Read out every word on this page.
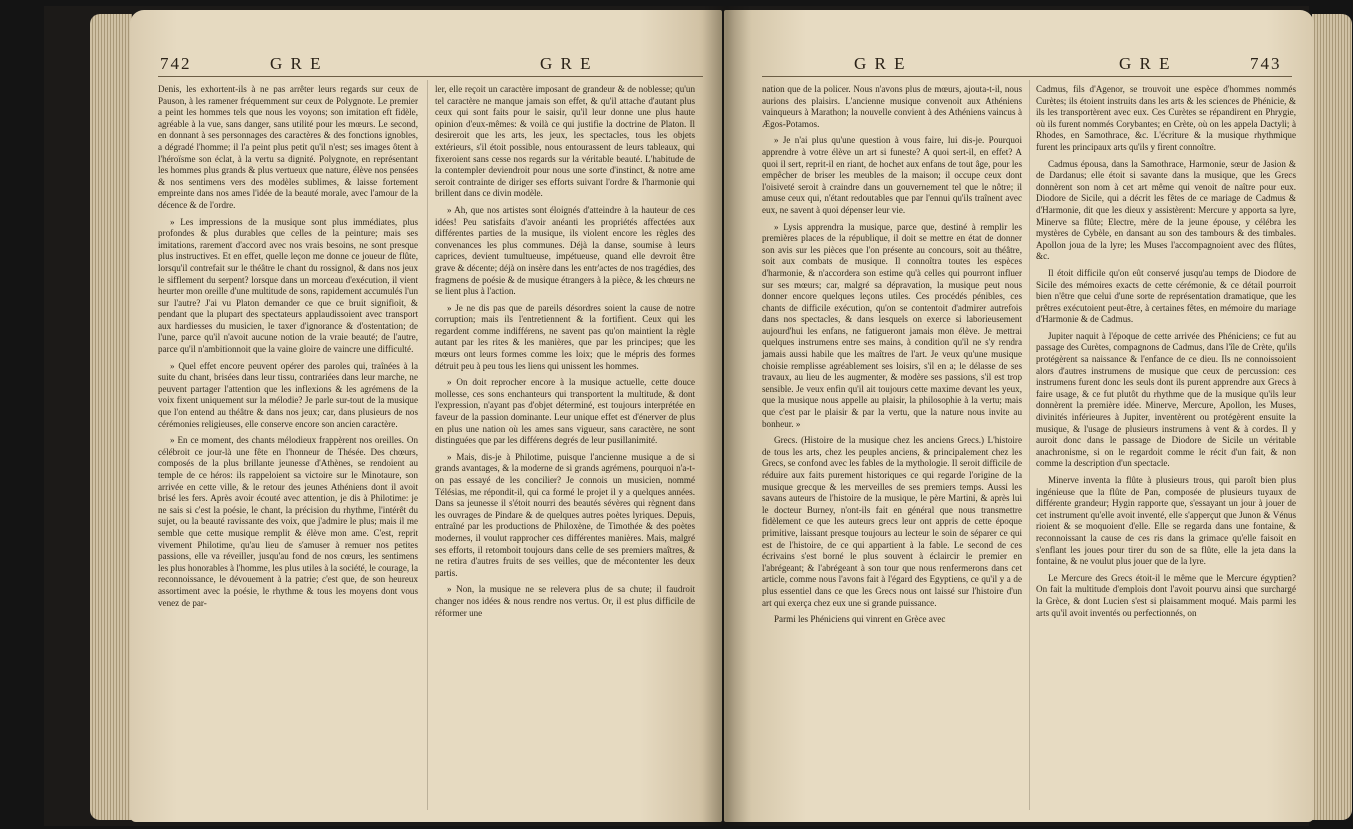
742	G R E	G R E

Denis, les exhortent-ils à ne pas arrêter leurs regards sur ceux de Pauson, à les ramener fréquemment sur ceux de Polygnote. Le premier a peint les hommes tels que nous les voyons; son imitation eft fidèle, agréable à la vue, sans danger, sans utilité pour les mœurs. Le second, en donnant à ses personnages des caractères & des fonctions ignobles, a dégradé l'homme; il l'a peint plus petit qu'il n'est; ses images ôtent à l'héroïsme son éclat, à la vertu sa dignité. Polygnote, en représentant les hommes plus grands & plus vertueux que nature, élève nos pensées & nos sentimens vers des modèles sublimes, & laisse fortement empreinte dans nos ames l'idée de la beauté morale, avec l'amour de la décence & de l'ordre.

» Les impressions de la musique sont plus immédiates, plus profondes & plus durables que celles de la peinture; mais ses imitations, rarement d'accord avec nos vrais besoins, ne sont presque plus instructives. Et en effet, quelle leçon me donne ce joueur de flûte, lorsqu'il contrefait sur le théâtre le chant du rossignol, & dans nos jeux le sifflement du serpent? lorsque dans un morceau d'exécution, il vient heurter mon oreille d'une multitude de sons, rapidement accumulés l'un sur l'autre? J'ai vu Platon demander ce que ce bruit signifioit, & pendant que la plupart des spectateurs applaudissoient avec transport aux hardiesses du musicien, le taxer d'ignorance & d'ostentation; de l'une, parce qu'il n'avoit aucune notion de la vraie beauté; de l'autre, parce qu'il n'ambitionnoit que la vaine gloire de vaincre une difficulté.

» Quel effet encore peuvent opérer des paroles qui, traînées à la suite du chant, brisées dans leur tissu, contrariées dans leur marche, ne peuvent partager l'attention que les inflexions & les agrémens de la voix fixent uniquement sur la mélodie? Je parle sur-tout de la musique que l'on entend au théâtre & dans nos jeux; car, dans plusieurs de nos cérémonies religieuses, elle conserve encore son ancien caractère.

» En ce moment, des chants mélodieux frappèrent nos oreilles. On célébroit ce jour-là une fête en l'honneur de Thésée. Des chœurs, composés de la plus brillante jeunesse d'Athènes, se rendoient au temple de ce héros: ils rappeloient sa victoire sur le Minotaure, son arrivée en cette ville, & le retour des jeunes Athéniens dont il avoit brisé les fers. Après avoir écouté avec attention, je dis à Philotime: je ne sais si c'est la poésie, le chant, la précision du rhythme, l'intérêt du sujet, ou la beauté ravissante des voix, que j'admire le plus; mais il me semble que cette musique remplit & élève mon ame. C'est, reprit vivement Philotime, qu'au lieu de s'amuser à remuer nos petites passions, elle va réveiller, jusqu'au fond de nos cœurs, les sentimens les plus honorables à l'homme, les plus utiles à la société, le courage, la reconnoissance, le dévouement à la patrie; c'est que, de son heureux assortiment avec la poésie, le rhythme & tous les moyens dont vous venez de par-

ler, elle reçoit un caractère imposant de grandeur & de noblesse; qu'un tel caractère ne manque jamais son effet, & qu'il attache d'autant plus ceux qui sont faits pour le saisir, qu'il leur donne une plus haute opinion d'eux-mêmes: & voilà ce qui justifie la doctrine de Platon. Il desireroit que les arts, les jeux, les spectacles, tous les objets extérieurs, s'il étoit possible, nous entourassent de leurs tableaux, qui fixeroient sans cesse nos regards sur la véritable beauté. L'habitude de la contempler deviendroit pour nous une sorte d'instinct, & notre ame seroit contrainte de diriger ses efforts suivant l'ordre & l'harmonie qui brillent dans ce divin modèle.

» Ah, que nos artistes sont éloignés d'atteindre à la hauteur de ces idées! Peu satisfaits d'avoir anéanti les propriétés affectées aux différentes parties de la musique, ils violent encore les règles des convenances les plus communes. Déjà la danse, soumise à leurs caprices, devient tumultueuse, impétueuse, quand elle devroit être grave & décente; déjà on insère dans les entr'actes de nos tragédies, des fragmens de poésie & de musique étrangers à la pièce, & les chœurs ne se lient plus à l'action.

» Je ne dis pas que de pareils désordres soient la cause de notre corruption; mais ils l'entretiennent & la fortifient. Ceux qui les regardent comme indifférens, ne savent pas qu'on maintient la règle autant par les rites & les manières, que par les principes; que les mœurs ont leurs formes comme les loix; que le mépris des formes détruit peu à peu tous les liens qui unissent les hommes.

» On doit reprocher encore à la musique actuelle, cette douce mollesse, ces sons enchanteurs qui transportent la multitude, & dont l'expression, n'ayant pas d'objet déterminé, est toujours interprétée en faveur de la passion dominante. Leur unique effet est d'énerver de plus en plus une nation où les ames sans vigueur, sans caractère, ne sont distinguées que par les différens degrés de leur pusillanimité.

» Mais, dis-je à Philotime, puisque l'ancienne musique a de si grands avantages, & la moderne de si grands agrémens, pourquoi n'a-t-on pas essayé de les concilier? Je connois un musicien, nommé Télésias, me répondit-il, qui ca formé le projet il y a quelques années. Dans sa jeunesse il s'étoit nourri des beautés sévères qui règnent dans les ouvrages de Pindare & de quelques autres poètes lyriques. Depuis, entraîné par les productions de Philoxène, de Timothée & des poètes modernes, il voulut rapprocher ces différentes manières. Mais, malgré ses efforts, il retomboit toujours dans celle de ses premiers maîtres, & ne retira d'autres fruits de ses veilles, que de mécontenter les deux partis.

» Non, la musique ne se relevera plus de sa chute; il faudroit changer nos idées & nous rendre nos vertus. Or, il est plus difficile de réformer une

G R E	G R E	743

nation que de la policer. Nous n'avons plus de mœurs, ajouta-t-il, nous aurions des plaisirs. L'ancienne musique convenoit aux Athéniens vainqueurs à Marathon; la nouvelle convient à des Athéniens vaincus à Ægos-Potamos.

» Je n'ai plus qu'une question à vous faire, lui dis-je. Pourquoi apprendre à votre élève un art si funeste? A quoi sert-il, en effet? A quoi il sert, reprit-il en riant, de hochet aux enfans de tout âge, pour les empêcher de briser les meubles de la maison; il occupe ceux dont l'oisiveté seroit à craindre dans un gouvernement tel que le nôtre; il amuse ceux qui, n'étant redoutables que par l'ennui qu'ils traînent avec eux, ne savent à quoi dépenser leur vie.

» Lysis apprendra la musique, parce que, destiné à remplir les premières places de la république, il doit se mettre en état de donner son avis sur les pièces que l'on présente au concours, soit au théâtre, soit aux combats de musique. Il connoîtra toutes les espèces d'harmonie, & n'accordera son estime qu'à celles qui pourront influer sur ses mœurs; car, malgré sa dépravation, la musique peut nous donner encore quelques leçons utiles. Ces procédés pénibles, ces chants de difficile exécution, qu'on se contentoit d'admirer autrefois dans nos spectacles, & dans lesquels on exerce si laborieusement aujourd'hui les enfans, ne fatigueront jamais mon élève. Je mettrai quelques instrumens entre ses mains, à condition qu'il ne s'y rendra jamais aussi habile que les maîtres de l'art. Je veux qu'une musique choisie remplisse agréablement ses loisirs, s'il en a; le délasse de ses travaux, au lieu de les augmenter, & modère ses passions, s'il est trop sensible. Je veux enfin qu'il ait toujours cette maxime devant les yeux, que la musique nous appelle au plaisir, la philosophie à la vertu; mais que c'est par le plaisir & par la vertu, que la nature nous invite au bonheur. »

Grecs. (Histoire de la musique chez les anciens Grecs.) L'histoire de tous les arts, chez les peuples anciens, & principalement chez les Grecs, se confond avec les fables de la mythologie. Il seroit difficile de réduire aux faits purement historiques ce qui regarde l'origine de la musique grecque & les merveilles de ses premiers temps. Aussi les savans auteurs de l'histoire de la musique, le père Martini, & après lui le docteur Burney, n'ont-ils fait en général que nous transmettre fidèlement ce que les auteurs grecs leur ont appris de cette époque primitive, laissant presque toujours au lecteur le soin de séparer ce qui est de l'histoire, de ce qui appartient à la fable. Le second de ces écrivains s'est borné le plus souvent à éclaircir le premier en l'abrégeant; & l'abrégeant à son tour que nous renfermerons dans cet article, comme nous l'avons fait à l'égard des Egyptiens, ce qu'il y a de plus essentiel dans ce que les Grecs nous ont laissé sur l'histoire d'un art qui exerça chez eux une si grande puissance.

Parmi les Phéniciens qui vinrent en Grèce avec

Cadmus, fils d'Agenor, se trouvoit une espèce d'hommes nommés Curètes; ils étoient instruits dans les arts & les sciences de Phénicie, & ils les transportèrent avec eux. Ces Curètes se répandirent en Phrygie, où ils furent nommés Corybantes; en Crète, où on les appela Dactyli; à Rhodes, en Samothrace, &c. L'écriture & la musique rhythmique furent les principaux arts qu'ils y firent connoître.

Cadmus épousa, dans la Samothrace, Harmonie, sœur de Jasion & de Dardanus; elle étoit si savante dans la musique, que les Grecs donnèrent son nom à cet art même qui venoit de naître pour eux. Diodore de Sicile, qui a décrit les fêtes de ce mariage de Cadmus & d'Harmonie, dit que les dieux y assistèrent: Mercure y apporta sa lyre, Minerve sa flûte; Electre, mère de la jeune épouse, y célébra les mystères de Cybèle, en dansant au son des tambours & des timbales. Apollon joua de la lyre; les Muses l'accompagnoient avec des flûtes, &c.

Il étoit difficile qu'on eût conservé jusqu'au temps de Diodore de Sicile des mémoires exacts de cette cérémonie, & ce détail pourroit bien n'être que celui d'une sorte de représentation dramatique, que les prêtres exécutoient peut-être, à certaines fêtes, en mémoire du mariage d'Harmonie & de Cadmus.

Jupiter naquit à l'époque de cette arrivée des Phéniciens; ce fut au passage des Curètes, compagnons de Cadmus, dans l'île de Crète, qu'ils protégèrent sa naissance & l'enfance de ce dieu. Ils ne connoissoient alors d'autres instrumens de musique que ceux de percussion: ces instrumens furent donc les seuls dont ils purent apprendre aux Grecs à faire usage, & ce fut plutôt du rhythme que de la musique qu'ils leur donnèrent la première idée. Minerve, Mercure, Apollon, les Muses, divinités inférieures à Jupiter, inventèrent ou protégèrent ensuite la musique, & l'usage de plusieurs instrumens à vent & à cordes. Il y auroit donc dans le passage de Diodore de Sicile un véritable anachronisme, si on le regardoit comme le récit d'un fait, & non comme la description d'un spectacle.

Minerve inventa la flûte à plusieurs trous, qui paroît bien plus ingénieuse que la flûte de Pan, composée de plusieurs tuyaux de différente grandeur; Hygin rapporte que, s'essayant un jour à jouer de cet instrument qu'elle avoit inventé, elle s'apperçut que Junon & Vénus rioient & se moquoient d'elle. Elle se regarda dans une fontaine, & reconnoissant la cause de ces ris dans la grimace qu'elle faisoit en s'enflant les joues pour tirer du son de sa flûte, elle la jeta dans la fontaine, & ne voulut plus jouer que de la lyre.

Le Mercure des Grecs étoit-il le même que le Mercure égyptien? On fait la multitude d'emplois dont l'avoit pourvu ainsi que surchargé la Grèce, & dont Lucien s'est si plaisamment moqué. Mais parmi les arts qu'il avoit inventés ou perfectionnés, on
